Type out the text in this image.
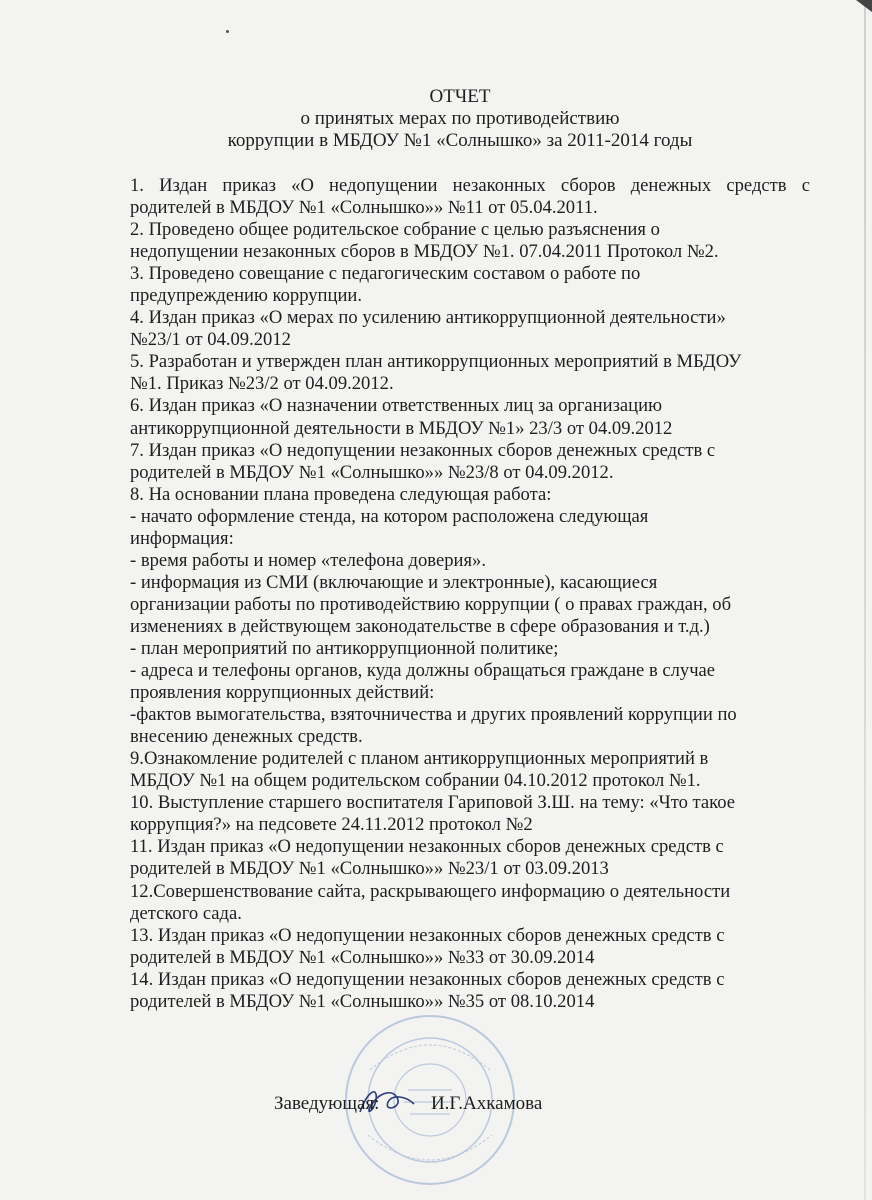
ОТЧЕТ
о принятых мерах по противодействию
коррупции в МБДОУ №1 «Солнышко» за 2011-2014 годы
1. Издан приказ «О недопущении незаконных сборов денежных средств с
родителей в МБДОУ №1 «Солнышко»» №11 от 05.04.2011.
2. Проведено общее родительское собрание с целью разъяснения о
недопущении незаконных сборов в МБДОУ №1. 07.04.2011 Протокол №2.
3. Проведено совещание с педагогическим составом о работе по
предупреждению коррупции.
4. Издан приказ «О мерах по усилению антикоррупционной деятельности»
№23/1 от 04.09.2012
5. Разработан и утвержден план антикоррупционных мероприятий в МБДОУ
№1. Приказ №23/2 от 04.09.2012.
6. Издан приказ «О назначении ответственных лиц за организацию
антикоррупционной деятельности в МБДОУ №1» 23/3 от 04.09.2012
7. Издан приказ «О недопущении незаконных сборов денежных средств с
родителей в МБДОУ №1 «Солнышко»» №23/8 от 04.09.2012.
8. На основании плана проведена следующая работа:
- начато оформление стенда, на котором расположена следующая
информация:
- время работы и номер «телефона доверия».
- информация из СМИ (включающие и электронные), касающиеся
организации работы по противодействию коррупции ( о правах граждан, об
изменениях в действующем законодательстве в сфере образования и т.д.)
- план мероприятий по антикоррупционной политике;
- адреса и телефоны органов, куда должны обращаться граждане в случае
проявления коррупционных действий:
-фактов вымогательства, взяточничества и других проявлений коррупции по
внесению денежных средств.
9.Ознакомление родителей с планом антикоррупционных мероприятий в
МБДОУ №1 на общем родительском собрании 04.10.2012 протокол №1.
10. Выступление старшего воспитателя Гариповой З.Ш. на тему: «Что такое
коррупция?» на педсовете 24.11.2012 протокол №2
11. Издан приказ «О недопущении незаконных сборов денежных средств с
родителей в МБДОУ №1 «Солнышко»» №23/1 от 03.09.2013
12.Совершенствование сайта, раскрывающего информацию о деятельности
детского сада.
13. Издан приказ «О недопущении незаконных сборов денежных средств с
родителей в МБДОУ №1 «Солнышко»» №33 от 30.09.2014
14. Издан приказ «О недопущении незаконных сборов денежных средств с
родителей в МБДОУ №1 «Солнышко»» №35 от 08.10.2014
Заведующая:	И.Г.Ахкамова
